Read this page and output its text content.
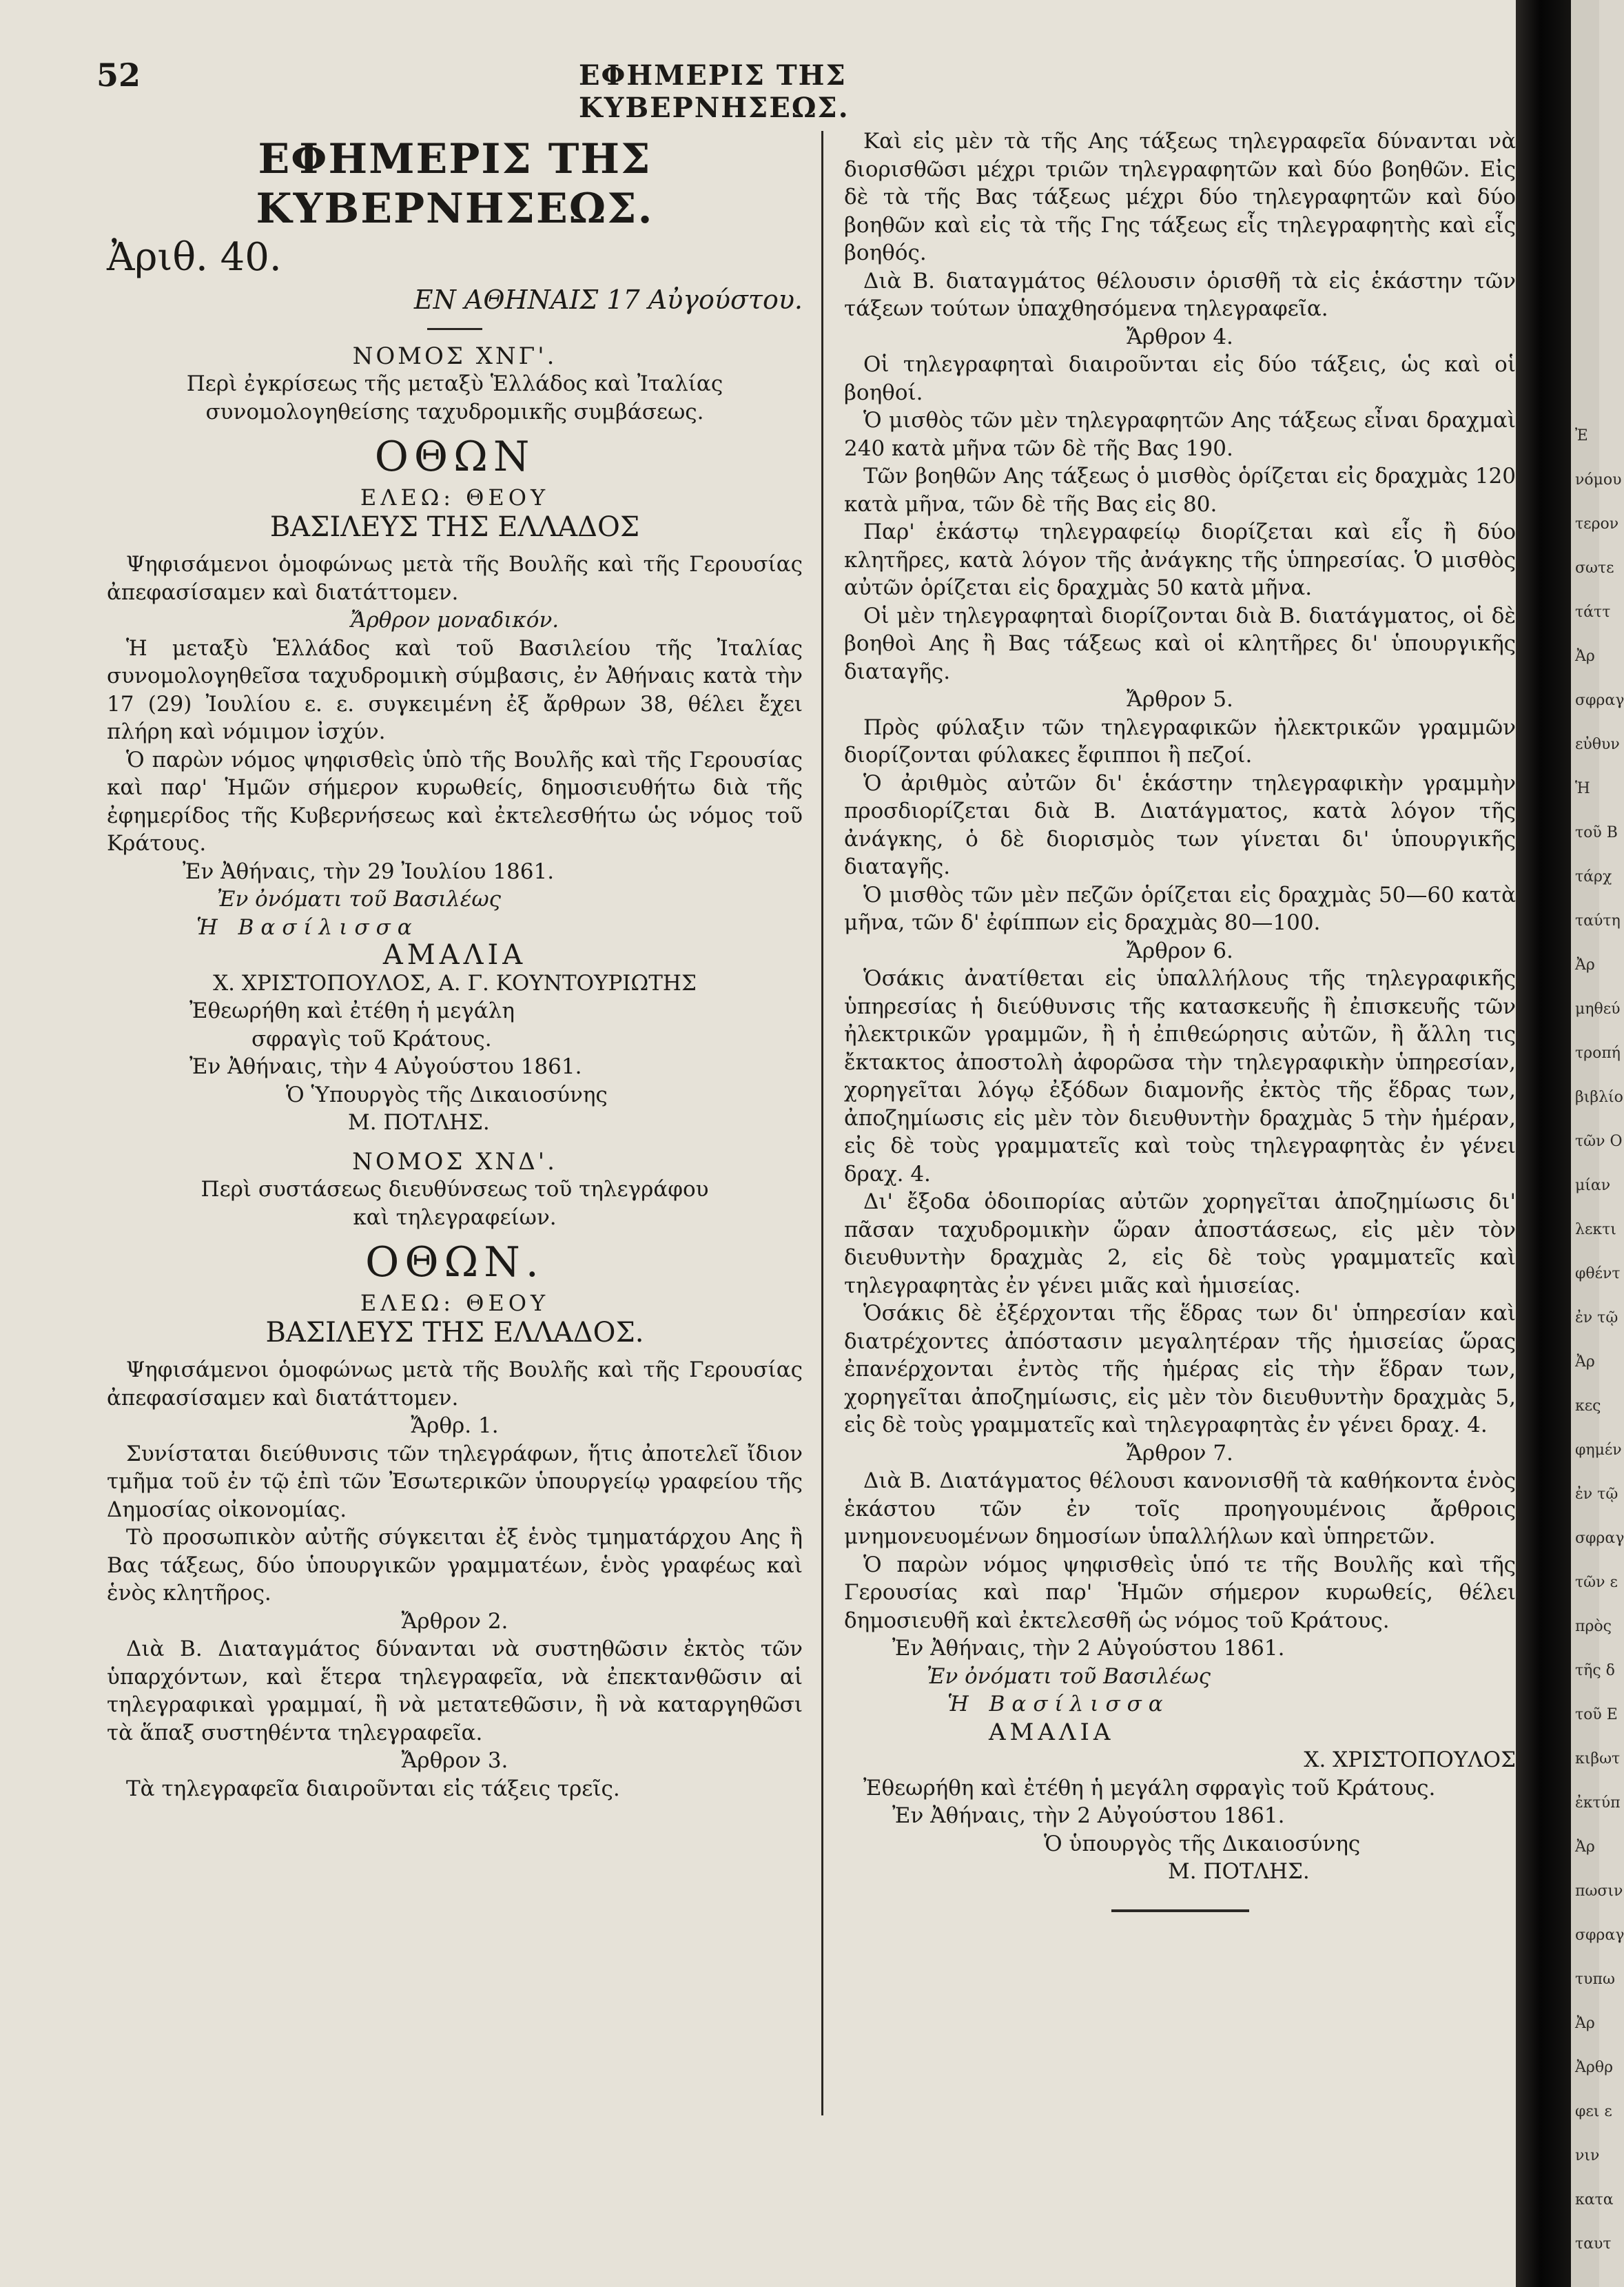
52	ΕΦΗΜΕΡΙΣ ΤΗΣ ΚΥΒΕΡΝΗΣΕΩΣ.

ΕΦΗΜΕΡΙΣ ΤΗΣ ΚΥΒΕΡΝΗΣΕΩΣ.

Ἀριθ. 40.

ΕΝ ΑΘΗΝΑΙΣ 17 Αὐγούστου.

ΝΟΜΟΣ ΧΝΓ'.

Περὶ ἐγκρίσεως τῆς μεταξὺ Ἑλλάδος καὶ Ἰταλίας

συνομολογηθείσης ταχυδρομικῆς συμβάσεως.

ΟΘΩΝ

ΕΛΕΩ: ΘΕΟΥ

ΒΑΣΙΛΕΥΣ ΤΗΣ ΕΛΛΑΔΟΣ

Ψηφισάμενοι ὁμοφώνως μετὰ τῆς Βουλῆς καὶ τῆς Γερουσίας ἀπεφασίσαμεν καὶ διατάττομεν.

Ἄρθρον μοναδικόν.

Ἡ μεταξὺ Ἑλλάδος καὶ τοῦ Βασιλείου τῆς Ἰταλίας συνομολογηθεῖσα ταχυδρομικὴ σύμβασις, ἐν Ἀθήναις κατὰ τὴν 17 (29) Ἰουλίου ε. ε. συγκειμένη ἐξ ἄρθρων 38, θέλει ἔχει πλήρη καὶ νόμιμον ἰσχύν.

Ὁ παρὼν νόμος ψηφισθεὶς ὑπὸ τῆς Βουλῆς καὶ τῆς Γερουσίας καὶ παρ' Ἡμῶν σήμερον κυρωθείς, δημοσιευθήτω διὰ τῆς ἐφημερίδος τῆς Κυβερνήσεως καὶ ἐκτελεσθήτω ὡς νόμος τοῦ Κράτους.

Ἐν Ἀθήναις, τὴν 29 Ἰουλίου 1861.

Ἐν ὀνόματι τοῦ Βασιλέως

Ἡ Βασίλισσα

ΑΜΑΛΙΑ

Χ. ΧΡΙΣΤΟΠΟΥΛΟΣ, Α. Γ. ΚΟΥΝΤΟΥΡΙΩΤΗΣ

Ἐθεωρήθη καὶ ἐτέθη ἡ μεγάλη

σφραγὶς τοῦ Κράτους.

Ἐν Ἀθήναις, τὴν 4 Αὐγούστου 1861.

Ὁ Ὑπουργὸς τῆς Δικαιοσύνης

Μ. ΠΟΤΛΗΣ.

ΝΟΜΟΣ ΧΝΔ'.

Περὶ συστάσεως διευθύνσεως τοῦ τηλεγράφου

καὶ τηλεγραφείων.

ΟΘΩΝ.

ΕΛΕΩ: ΘΕΟΥ

ΒΑΣΙΛΕΥΣ ΤΗΣ ΕΛΛΑΔΟΣ.

Ψηφισάμενοι ὁμοφώνως μετὰ τῆς Βουλῆς καὶ τῆς Γερουσίας ἀπεφασίσαμεν καὶ διατάττομεν.

Ἄρθρ. 1.

Συνίσταται διεύθυνσις τῶν τηλεγράφων, ἥτις ἀποτελεῖ ἴδιον τμῆμα τοῦ ἐν τῷ ἐπὶ τῶν Ἐσωτερικῶν ὑπουργείῳ γραφείου τῆς Δημοσίας οἰκονομίας.

Τὸ προσωπικὸν αὐτῆς σύγκειται ἐξ ἑνὸς τμηματάρχου Αης ἢ Βας τάξεως, δύο ὑπουργικῶν γραμματέων, ἑνὸς γραφέως καὶ ἑνὸς κλητῆρος.

Ἄρθρον 2.

Διὰ Β. Διαταγμάτος δύνανται νὰ συστηθῶσιν ἐκτὸς τῶν ὑπαρχόντων, καὶ ἕτερα τηλεγραφεῖα, νὰ ἐπεκτανθῶσιν αἱ τηλεγραφικαὶ γραμμαί, ἢ νὰ μετατεθῶσιν, ἢ νὰ καταργηθῶσι τὰ ἅπαξ συστηθέντα τηλεγραφεῖα.

Ἄρθρον 3.

Τὰ τηλεγραφεῖα διαιροῦνται εἰς τάξεις τρεῖς.

Καὶ εἰς μὲν τὰ τῆς Αης τάξεως τηλεγραφεῖα δύνανται νὰ διορισθῶσι μέχρι τριῶν τηλεγραφητῶν καὶ δύο βοηθῶν. Εἰς δὲ τὰ τῆς Βας τάξεως μέχρι δύο τηλεγραφητῶν καὶ δύο βοηθῶν καὶ εἰς τὰ τῆς Γης τάξεως εἷς τηλεγραφητὴς καὶ εἷς βοηθός.

Διὰ Β. διαταγμάτος θέλουσιν ὁρισθῆ τὰ εἰς ἑκάστην τῶν τάξεων τούτων ὑπαχθησόμενα τηλεγραφεῖα.

Ἄρθρον 4.

Οἱ τηλεγραφηταὶ διαιροῦνται εἰς δύο τάξεις, ὡς καὶ οἱ βοηθοί.

Ὁ μισθὸς τῶν μὲν τηλεγραφητῶν Αης τάξεως εἶναι δραχμαὶ 240 κατὰ μῆνα τῶν δὲ τῆς Βας 190.

Τῶν βοηθῶν Αης τάξεως ὁ μισθὸς ὁρίζεται εἰς δραχμὰς 120 κατὰ μῆνα, τῶν δὲ τῆς Βας εἰς 80.

Παρ' ἑκάστῳ τηλεγραφείῳ διορίζεται καὶ εἷς ἢ δύο κλητῆρες, κατὰ λόγον τῆς ἀνάγκης τῆς ὑπηρεσίας. Ὁ μισθὸς αὐτῶν ὁρίζεται εἰς δραχμὰς 50 κατὰ μῆνα.

Οἱ μὲν τηλεγραφηταὶ διορίζονται διὰ Β. διατάγματος, οἱ δὲ βοηθοὶ Αης ἢ Βας τάξεως καὶ οἱ κλητῆρες δι' ὑπουργικῆς διαταγῆς.

Ἄρθρον 5.

Πρὸς φύλαξιν τῶν τηλεγραφικῶν ἠλεκτρικῶν γραμμῶν διορίζονται φύλακες ἔφιπποι ἢ πεζοί.

Ὁ ἀριθμὸς αὐτῶν δι' ἑκάστην τηλεγραφικὴν γραμμὴν προσδιορίζεται διὰ Β. Διατάγματος, κατὰ λόγον τῆς ἀνάγκης, ὁ δὲ διορισμὸς των γίνεται δι' ὑπουργικῆς διαταγῆς.

Ὁ μισθὸς τῶν μὲν πεζῶν ὁρίζεται εἰς δραχμὰς 50—60 κατὰ μῆνα, τῶν δ' ἐφίππων εἰς δραχμὰς 80—100.

Ἄρθρον 6.

Ὁσάκις ἀνατίθεται εἰς ὑπαλλήλους τῆς τηλεγραφικῆς ὑπηρεσίας ἡ διεύθυνσις τῆς κατασκευῆς ἢ ἐπισκευῆς τῶν ἠλεκτρικῶν γραμμῶν, ἢ ἡ ἐπιθεώρησις αὐτῶν, ἢ ἄλλη τις ἔκτακτος ἀποστολὴ ἀφορῶσα τὴν τηλεγραφικὴν ὑπηρεσίαν, χορηγεῖται λόγῳ ἐξόδων διαμονῆς ἐκτὸς τῆς ἕδρας των, ἀποζημίωσις εἰς μὲν τὸν διευθυντὴν δραχμὰς 5 τὴν ἡμέραν, εἰς δὲ τοὺς γραμματεῖς καὶ τοὺς τηλεγραφητὰς ἐν γένει δραχ. 4.

Δι' ἔξοδα ὁδοιπορίας αὐτῶν χορηγεῖται ἀποζημίωσις δι' πᾶσαν ταχυδρομικὴν ὥραν ἀποστάσεως, εἰς μὲν τὸν διευθυντὴν δραχμὰς 2, εἰς δὲ τοὺς γραμματεῖς καὶ τηλεγραφητὰς ἐν γένει μιᾶς καὶ ἡμισείας.

Ὁσάκις δὲ ἐξέρχονται τῆς ἕδρας των δι' ὑπηρεσίαν καὶ διατρέχοντες ἀπόστασιν μεγαλητέραν τῆς ἡμισείας ὥρας ἐπανέρχονται ἐντὸς τῆς ἡμέρας εἰς τὴν ἕδραν των, χορηγεῖται ἀποζημίωσις, εἰς μὲν τὸν διευθυντὴν δραχμὰς 5, εἰς δὲ τοὺς γραμματεῖς καὶ τηλεγραφητὰς ἐν γένει δραχ. 4.

Ἄρθρον 7.

Διὰ Β. Διατάγματος θέλουσι κανονισθῆ τὰ καθήκοντα ἑνὸς ἑκάστου τῶν ἐν τοῖς προηγουμένοις ἄρθροις μνημονευομένων δημοσίων ὑπαλλήλων καὶ ὑπηρετῶν.

Ὁ παρὼν νόμος ψηφισθεὶς ὑπό τε τῆς Βουλῆς καὶ τῆς Γερουσίας καὶ παρ' Ἡμῶν σήμερον κυρωθείς, θέλει δημοσιευθῆ καὶ ἐκτελεσθῆ ὡς νόμος τοῦ Κράτους.

Ἐν Ἀθήναις, τὴν 2 Αὐγούστου 1861.

Ἐν ὀνόματι τοῦ Βασιλέως

Ἡ Βασίλισσα

ΑΜΑΛΙΑ

Χ. ΧΡΙΣΤΟΠΟΥΛΟΣ

Ἐθεωρήθη καὶ ἐτέθη ἡ μεγάλη σφραγὶς τοῦ Κράτους.

Ἐν Ἀθήναις, τὴν 2 Αὐγούστου 1861.

Ὁ ὑπουργὸς τῆς Δικαιοσύνης

Μ. ΠΟΤΛΗΣ.

Ἐ
νόμου
τερον
σωτε
τάττ
Ἀρ
σφραγ
εὐθυν
Ἡ
τοῦ Β
τάρχ
ταύτη
Ἀρ
μηθεύ
τροπή
βιβλίο
τῶν Ο
μίαν
λεκτι
φθέντ
ἐν τῷ
Ἀρ
κες
φημέν
ἐν τῷ
σφραγ
τῶν ε
πρὸς
τῆς δ
τοῦ Ε
κιβωτ
ἐκτύπ
Ἀρ
πωσιν
σφραγ
τυπω
Ἀρ
Ἀρθρ
φει ε
νιν
κατα
ταυτ
